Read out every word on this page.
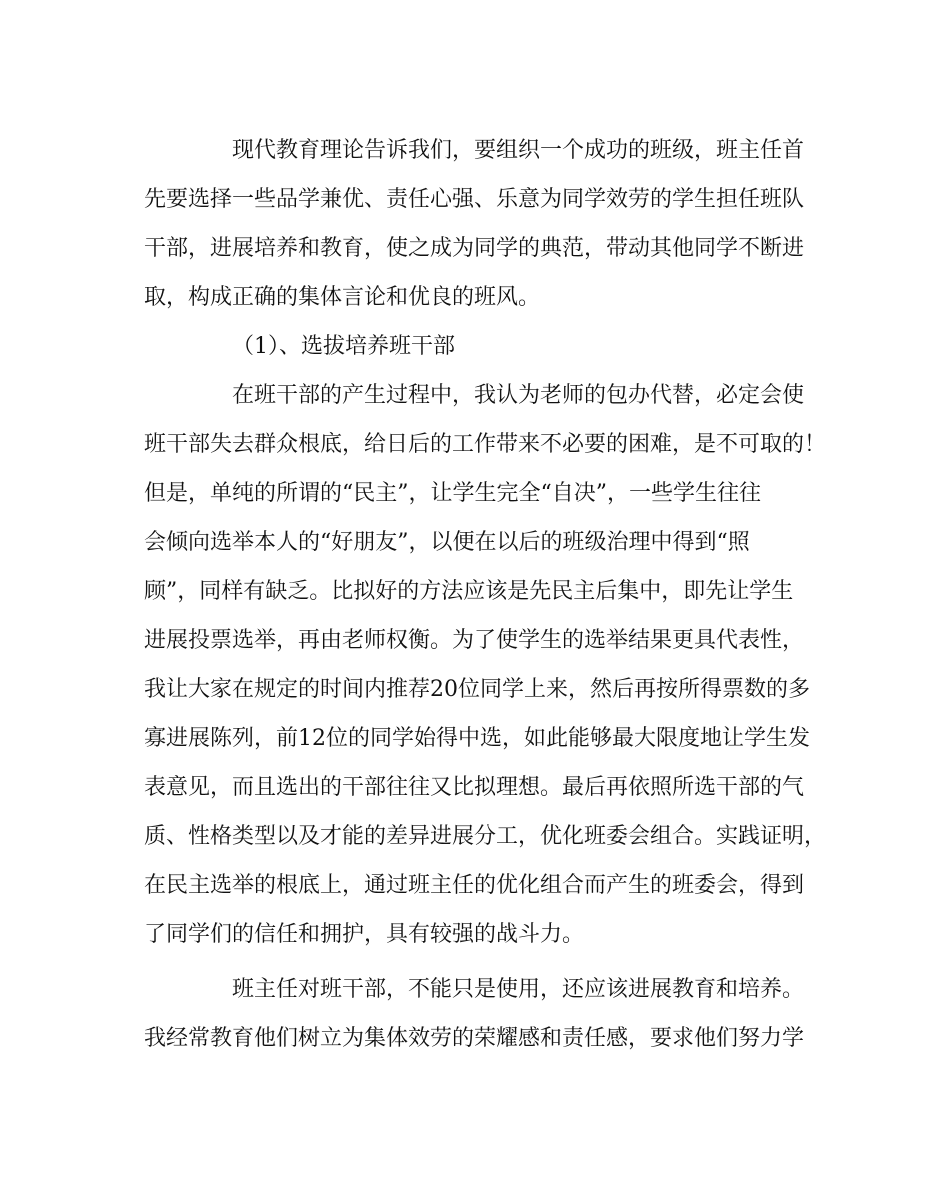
现代教育理论告诉我们，要组织一个成功的班级，班主任首
先要选择一些品学兼优、责任心强、乐意为同学效劳的学生担任班队
干部，进展培养和教育，使之成为同学的典范，带动其他同学不断进
取，构成正确的集体言论和优良的班风。
（1）、选拔培养班干部
在班干部的产生过程中，我认为老师的包办代替，必定会使
班干部失去群众根底，给日后的工作带来不必要的困难，是不可取的！
但是，单纯的所谓的“民主”，让学生完全“自决”，一些学生往往
会倾向选举本人的“好朋友”，以便在以后的班级治理中得到“照
顾”，同样有缺乏。比拟好的方法应该是先民主后集中，即先让学生
进展投票选举，再由老师权衡。为了使学生的选举结果更具代表性，
我让大家在规定的时间内推荐20位同学上来，然后再按所得票数的多
寡进展陈列，前12位的同学始得中选，如此能够最大限度地让学生发
表意见，而且选出的干部往往又比拟理想。最后再依照所选干部的气
质、性格类型以及才能的差异进展分工，优化班委会组合。实践证明，
在民主选举的根底上，通过班主任的优化组合而产生的班委会，得到
了同学们的信任和拥护，具有较强的战斗力。
班主任对班干部，不能只是使用，还应该进展教育和培养。
我经常教育他们树立为集体效劳的荣耀感和责任感，要求他们努力学
